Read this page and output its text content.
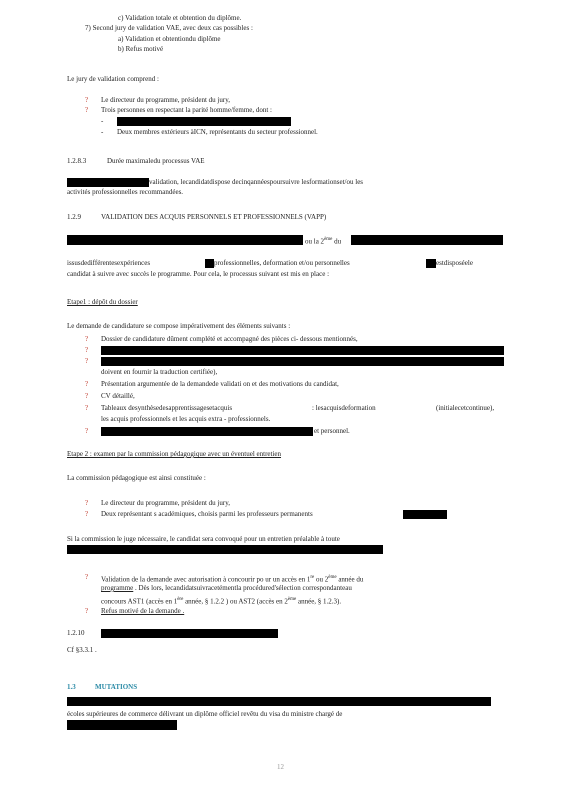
c) Validation totale et obtention du diplôme.
7) Second jury de validation VAE, avec deux cas possibles :
a) Validation et obtentiondu diplôme
b) Refus motivé
Le jury de validation comprend :
? Le directeur du programme, président du jury,
? Trois personnes en respectant la parité homme/femme, dont :
-
- Deux membres extérieurs àICN, représentants du secteur professionnel.
1.2.8.3	Durée maximaledu processus VAE
validation, lecandidatdispose decinqannéespoursuivre lesformationset/ou les
activités professionnelles recommandées.
1.2.9	VALIDATION DES ACQUIS PERSONNELS ET PROFESSIONNELS (VAPP)
ou la 2ème du
issusdedifférentesexpériences	professionnelles, deformation et/ou personnelles	estdisposéele
candidat à suivre avec succès le programme. Pour cela, le processus suivant est mis en place :
Etape1 : dépôt du dossier
Le demande de candidature se compose impérativement des éléments suivants :
? Dossier de candidature dûment complété et accompagné des pièces ci- dessous mentionnés,
?
?
doivent en fournir la traduction certifiée),
? Présentation argumentée de la demandede validati on et des motivations du candidat,
? CV détaillé,
? Tableaux desynthèsedesapprentissagesetacquis	: lesacquisdeformation	(initialecetcontinue),
les acquis professionnels et les acquis extra - professionnels.
?	et personnel.
Etape 2 : examen par la commission pédagogique avec un éventuel entretien
La commission pédagogique est ainsi constituée :
? Le directeur du programme, président du jury,
? Deux représentant s académiques, choisis parmi les professeurs permanents
Si la commission le juge nécessaire, le candidat sera convoqué pour un entretien préalable à toute
? Validation de la demande avec autorisation à concourir po ur un accès en 1re ou 2ème année du
programme . Dès lors, lecandidatsuivracetémentla procédured'sélection correspondanteau
concours AST1 (accès en 1ère année, § 1.2.2 ) ou AST2 (accès en 2ème année, § 1.2.3).
? Refus motivé de la demande .
1.2.10
Cf §3.3.1 .
1.3	MUTATIONS
écoles supérieures de commerce délivrant un diplôme officiel revêtu du visa du ministre chargé de
12
